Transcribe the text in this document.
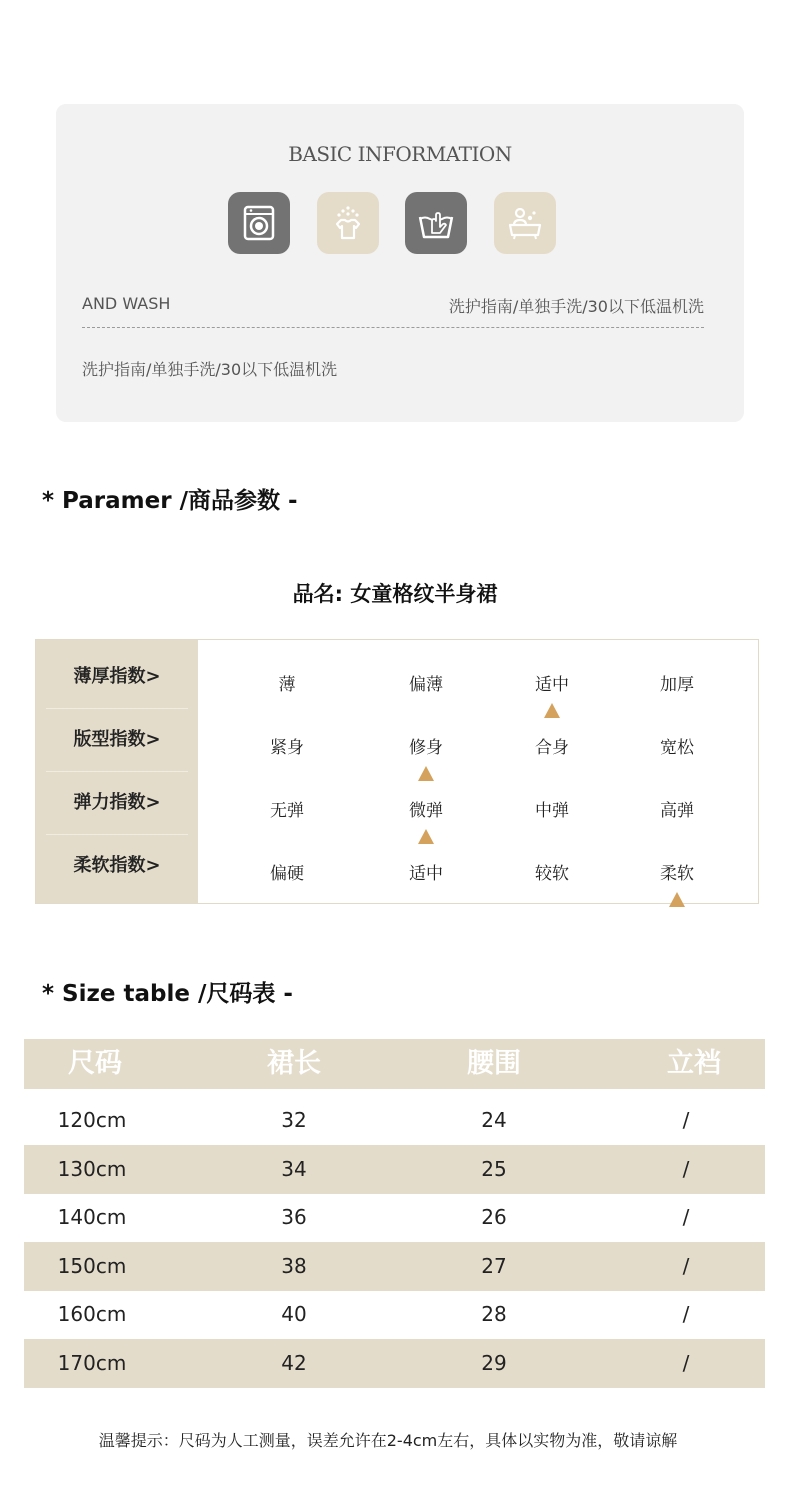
BASIC INFORMATION
AND WASH	洗护指南/单独手洗/30以下低温机洗
洗护指南/单独手洗/30以下低温机洗
* Paramer /商品参数 -
品名: 女童格纹半身裙
薄厚指数>	薄	偏薄	适中	加厚
版型指数>	紧身	修身	合身	宽松
弹力指数>	无弹	微弹	中弹	高弹
柔软指数>	偏硬	适中	较软	柔软
* Size table /尺码表 -
尺码	裙长	腰围	立裆
120cm	32	24	/
130cm	34	25	/
140cm	36	26	/
150cm	38	27	/
160cm	40	28	/
170cm	42	29	/
温馨提示：尺码为人工测量，误差允许在2-4cm左右，具体以实物为准，敬请谅解
